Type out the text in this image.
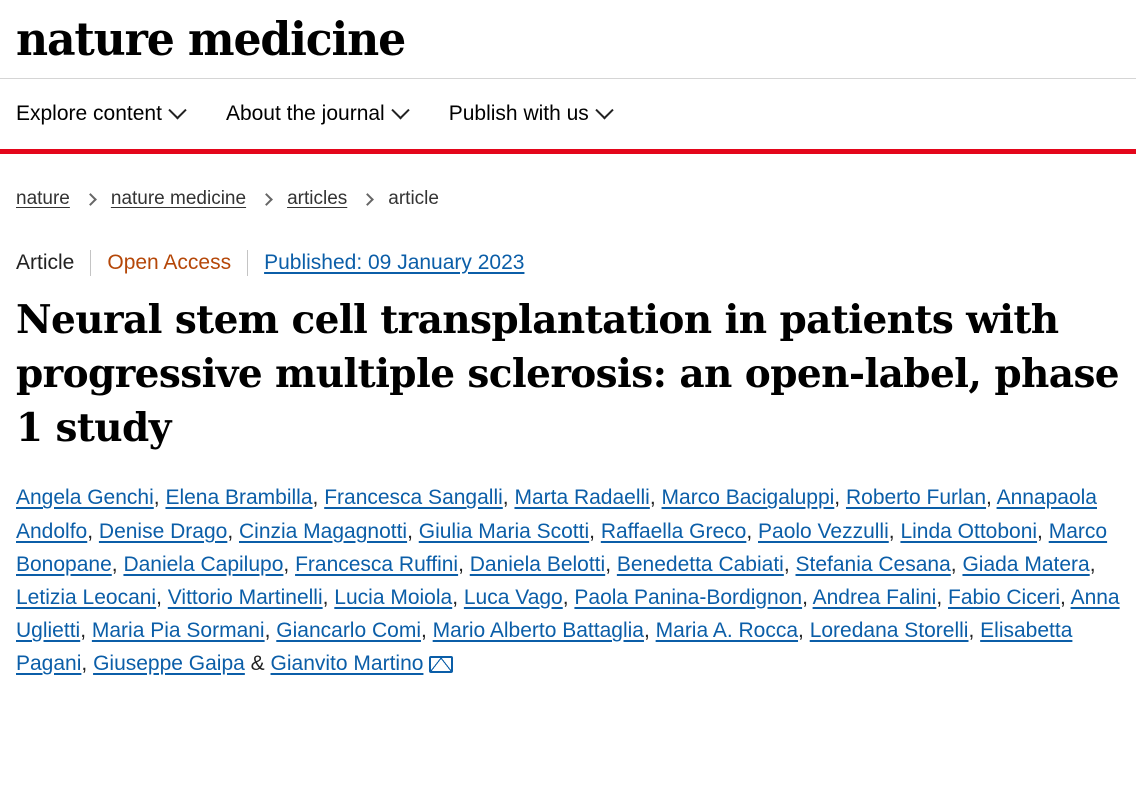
nature medicine
Explore content	About the journal	Publish with us
nature nature medicine articles article
Article Open Access Published: 09 January 2023
Neural stem cell transplantation in patients with progressive multiple sclerosis: an open-label, phase 1 study
Angela Genchi, Elena Brambilla, Francesca Sangalli, Marta Radaelli, Marco Bacigaluppi, Roberto Furlan, Annapaola Andolfo, Denise Drago, Cinzia Magagnotti, Giulia Maria Scotti, Raffaella Greco, Paolo Vezzulli, Linda Ottoboni, Marco Bonopane, Daniela Capilupo, Francesca Ruffini, Daniela Belotti, Benedetta Cabiati, Stefania Cesana, Giada Matera, Letizia Leocani, Vittorio Martinelli, Lucia Moiola, Luca Vago, Paola Panina-Bordignon, Andrea Falini, Fabio Ciceri, Anna Uglietti, Maria Pia Sormani, Giancarlo Comi, Mario Alberto Battaglia, Maria A. Rocca, Loredana Storelli, Elisabetta Pagani, Giuseppe Gaipa & Gianvito Martino
